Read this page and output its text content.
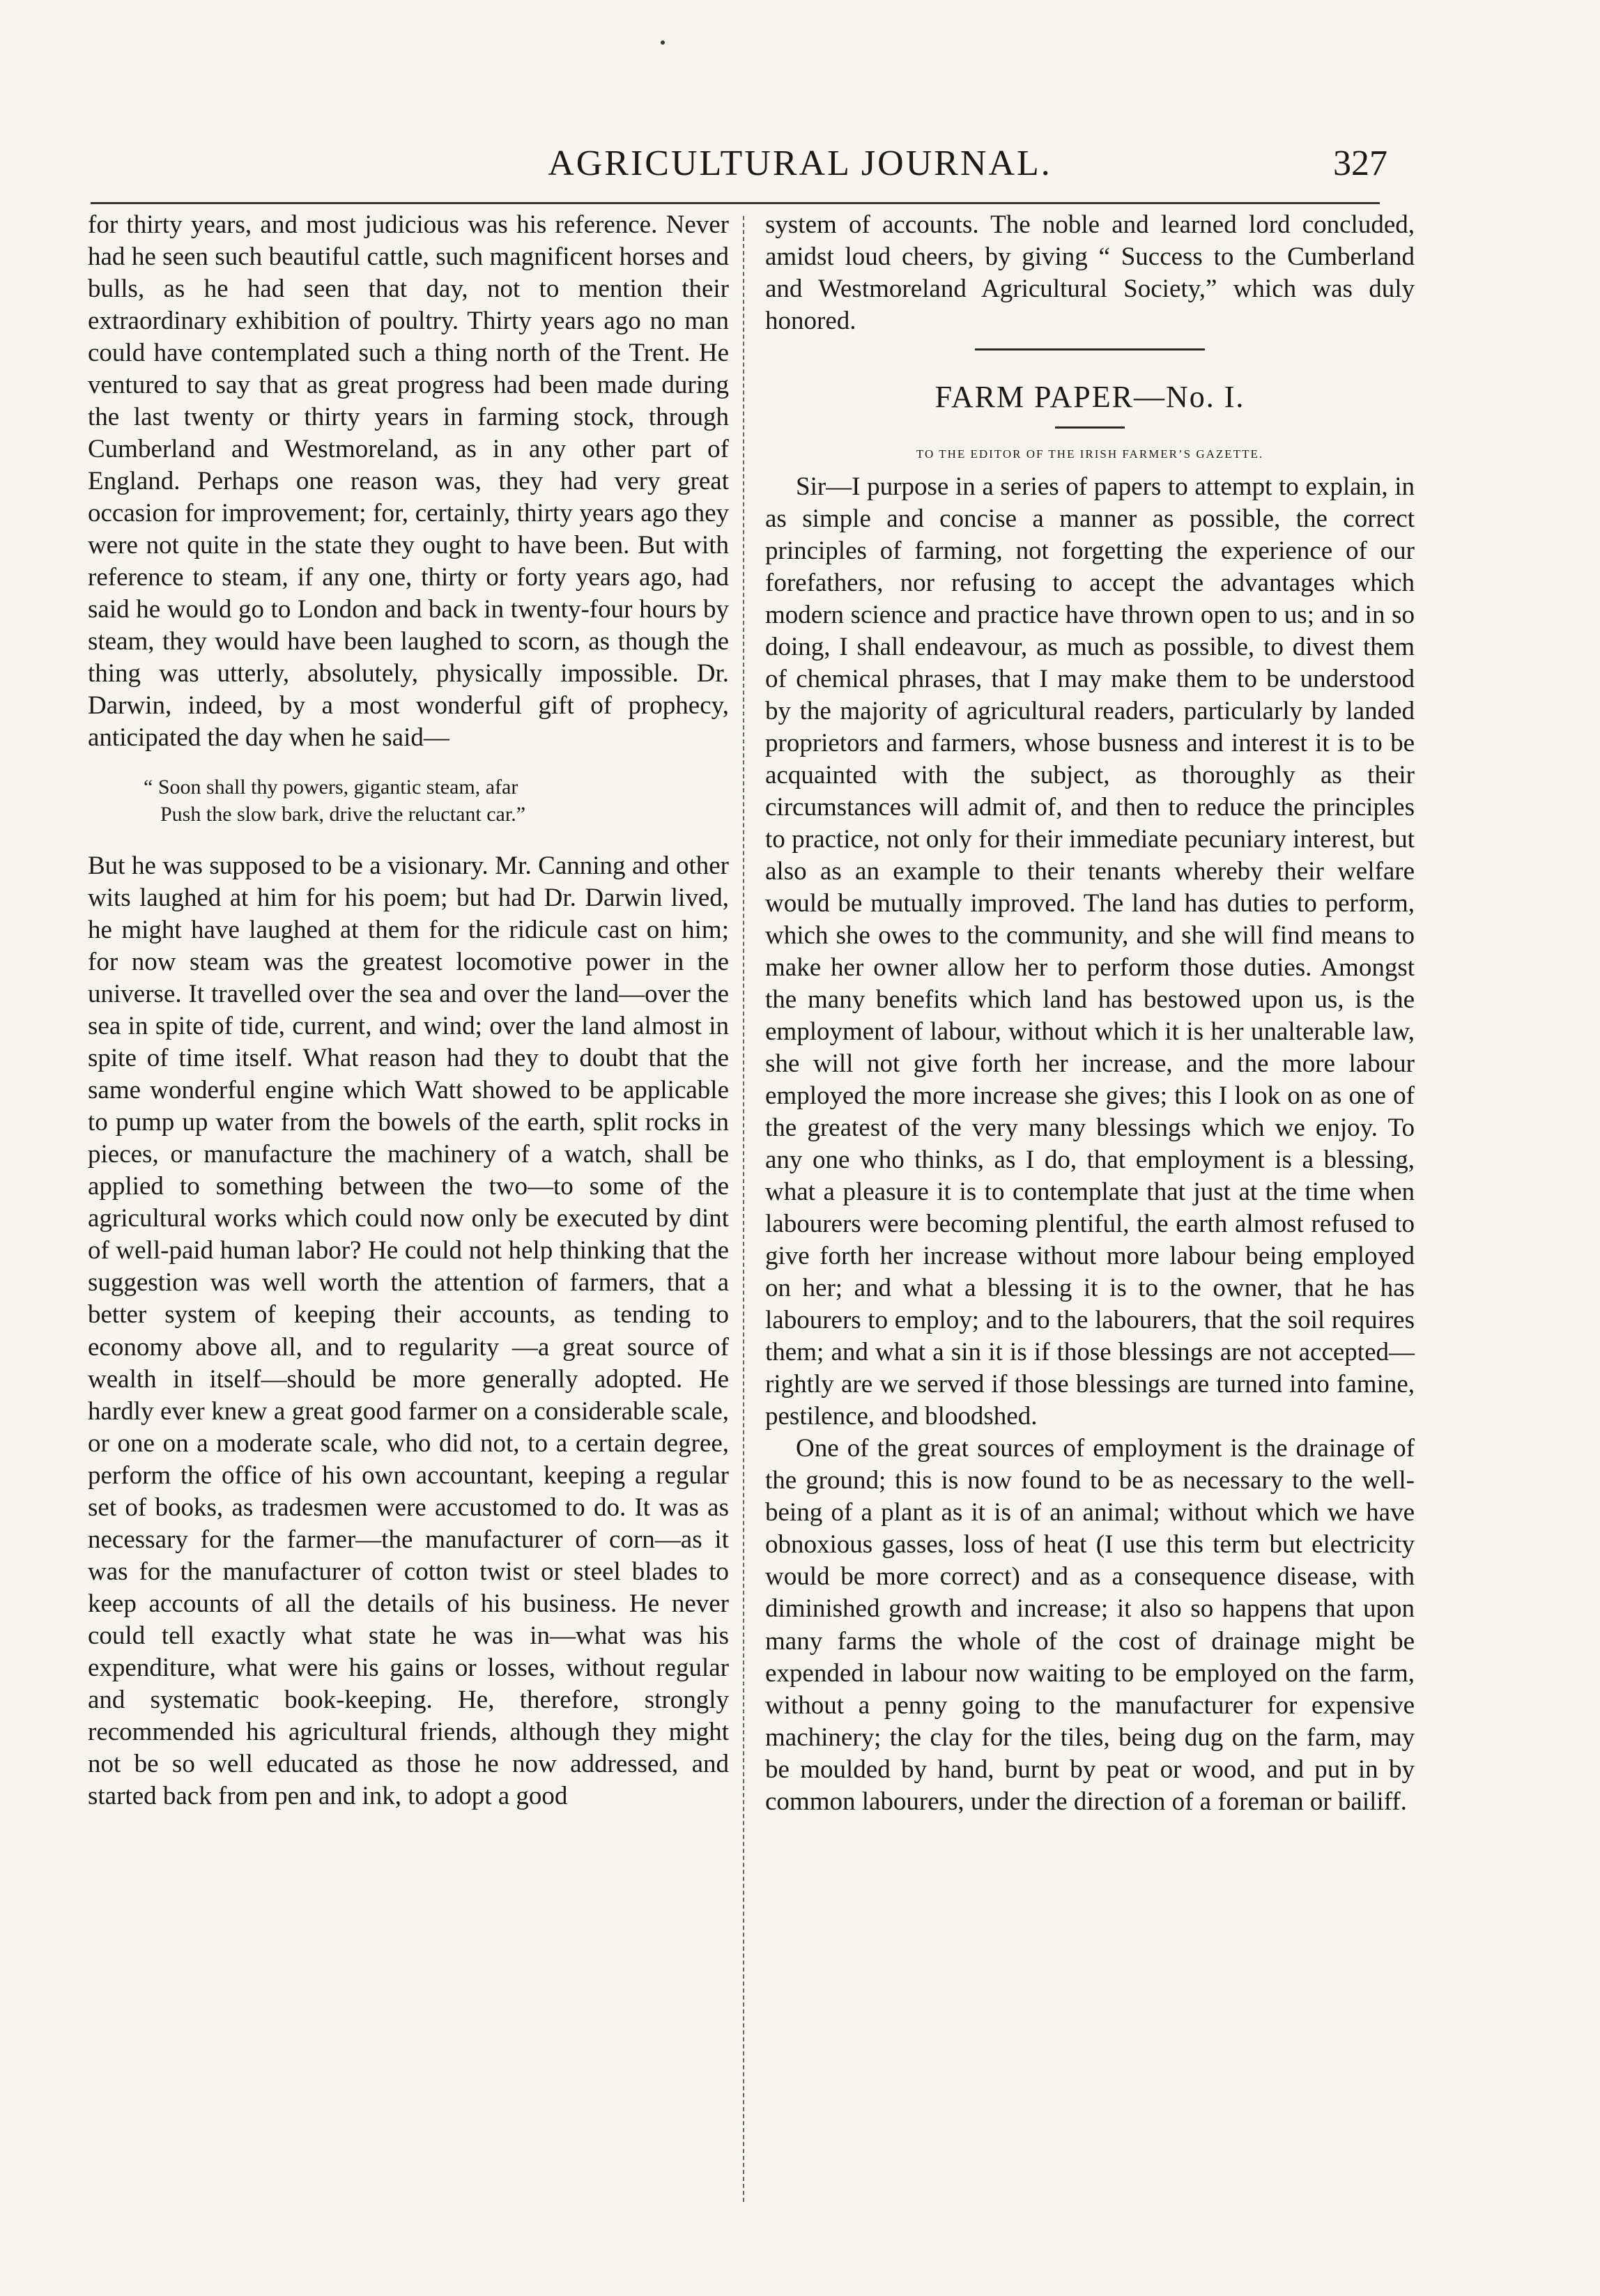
AGRICULTURAL JOURNAL.	327

for thirty years, and most judicious was his reference. Never had he seen such beautiful cattle, such magnificent horses and bulls, as he had seen that day, not to mention their extraordinary exhibition of poultry. Thirty years ago no man could have contemplated such a thing north of the Trent. He ventured to say that as great progress had been made during the last twenty or thirty years in farming stock, through Cumberland and Westmoreland, as in any other part of England. Perhaps one reason was, they had very great occasion for improvement; for, certainly, thirty years ago they were not quite in the state they ought to have been. But with reference to steam, if any one, thirty or forty years ago, had said he would go to London and back in twenty-four hours by steam, they would have been laughed to scorn, as though the thing was utterly, absolutely, physically impossible. Dr. Darwin, indeed, by a most wonderful gift of prophecy, anticipated the day when he said—

“ Soon shall thy powers, gigantic steam, afar
Push the slow bark, drive the reluctant car.”

But he was supposed to be a visionary. Mr. Canning and other wits laughed at him for his poem; but had Dr. Darwin lived, he might have laughed at them for the ridicule cast on him; for now steam was the greatest locomotive power in the universe. It travelled over the sea and over the land—over the sea in spite of tide, current, and wind; over the land almost in spite of time itself. What reason had they to doubt that the same wonderful engine which Watt showed to be applicable to pump up water from the bowels of the earth, split rocks in pieces, or manufacture the machinery of a watch, shall be applied to something between the two—to some of the agricultural works which could now only be executed by dint of well-paid human labor? He could not help thinking that the suggestion was well worth the attention of farmers, that a better system of keeping their accounts, as tending to economy above all, and to regularity —a great source of wealth in itself—should be more generally adopted. He hardly ever knew a great good farmer on a considerable scale, or one on a moderate scale, who did not, to a certain degree, perform the office of his own accountant, keeping a regular set of books, as tradesmen were accustomed to do. It was as necessary for the farmer—the manufacturer of corn—as it was for the manufacturer of cotton twist or steel blades to keep accounts of all the details of his business. He never could tell exactly what state he was in—what was his expenditure, what were his gains or losses, without regular and systematic book-keeping. He, therefore, strongly recommended his agricultural friends, although they might not be so well educated as those he now addressed, and started back from pen and ink, to adopt a good

system of accounts. The noble and learned lord concluded, amidst loud cheers, by giving “ Success to the Cumberland and Westmoreland Agricultural Society,” which was duly honored.

FARM PAPER—No. I.
TO THE EDITOR OF THE IRISH FARMER’S GAZETTE.

Sir—I purpose in a series of papers to attempt to explain, in as simple and concise a manner as possible, the correct principles of farming, not forgetting the experience of our forefathers, nor refusing to accept the advantages which modern science and practice have thrown open to us; and in so doing, I shall endeavour, as much as possible, to divest them of chemical phrases, that I may make them to be understood by the majority of agricultural readers, particularly by landed proprietors and farmers, whose busness and interest it is to be acquainted with the subject, as thoroughly as their circumstances will admit of, and then to reduce the principles to practice, not only for their immediate pecuniary interest, but also as an example to their tenants whereby their welfare would be mutually improved. The land has duties to perform, which she owes to the community, and she will find means to make her owner allow her to perform those duties. Amongst the many benefits which land has bestowed upon us, is the employment of labour, without which it is her unalterable law, she will not give forth her increase, and the more labour employed the more increase she gives; this I look on as one of the greatest of the very many blessings which we enjoy. To any one who thinks, as I do, that employment is a blessing, what a pleasure it is to contemplate that just at the time when labourers were becoming plentiful, the earth almost refused to give forth her increase without more labour being employed on her; and what a blessing it is to the owner, that he has labourers to employ; and to the labourers, that the soil requires them; and what a sin it is if those blessings are not accepted—rightly are we served if those blessings are turned into famine, pestilence, and bloodshed.

One of the great sources of employment is the drainage of the ground; this is now found to be as necessary to the well-being of a plant as it is of an animal; without which we have obnoxious gasses, loss of heat (I use this term but electricity would be more correct) and as a consequence disease, with diminished growth and increase; it also so happens that upon many farms the whole of the cost of drainage might be expended in labour now waiting to be employed on the farm, without a penny going to the manufacturer for expensive machinery; the clay for the tiles, being dug on the farm, may be moulded by hand, burnt by peat or wood, and put in by common labourers, under the direction of a foreman or bailiff.
